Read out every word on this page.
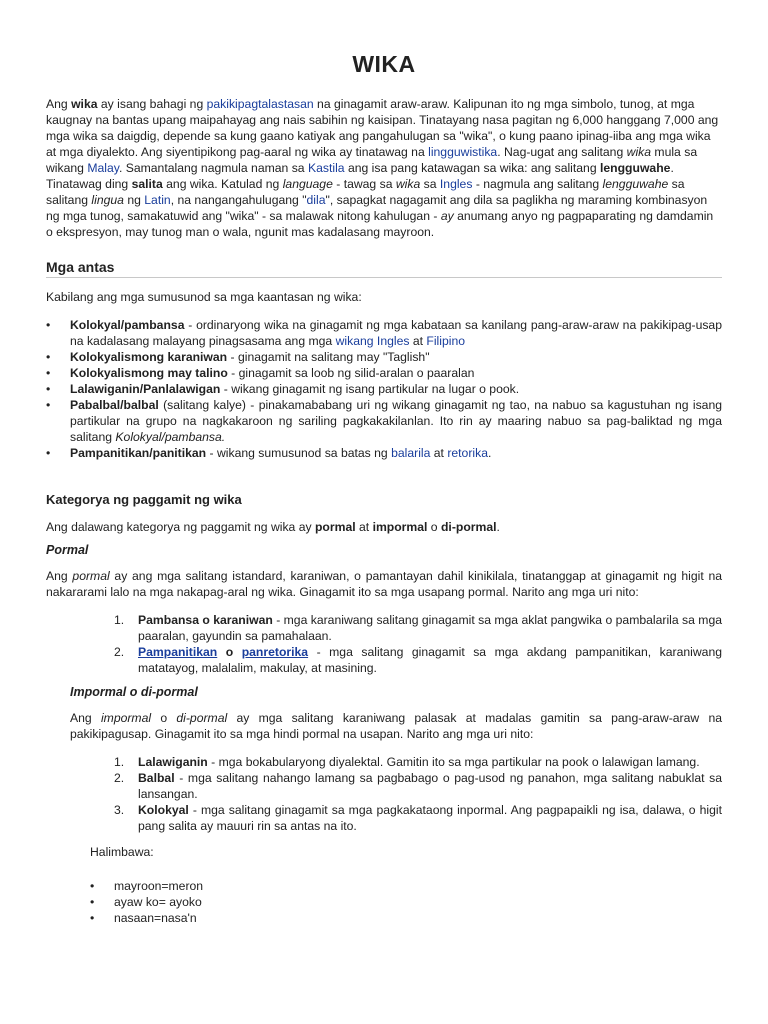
WIKA

Ang wika ay isang bahagi ng pakikipagtalastasan na ginagamit araw-araw. Kalipunan ito ng mga simbolo, tunog, at mga kaugnay na bantas upang maipahayag ang nais sabihin ng kaisipan. Tinatayang nasa pagitan ng 6,000 hanggang 7,000 ang mga wika sa daigdig, depende sa kung gaano katiyak ang pangahulugan sa "wika", o kung paano ipinag-iiba ang mga wika at mga diyalekto. Ang siyentipikong pag-aaral ng wika ay tinatawag na lingguwistika. Nag-ugat ang salitang wika mula sa wikang Malay. Samantalang nagmula naman sa Kastila ang isa pang katawagan sa wika: ang salitang lengguwahe. Tinatawag ding salita ang wika. Katulad ng language - tawag sa wika sa Ingles - nagmula ang salitang lengguwahe sa salitang lingua ng Latin, na nangangahulugang "dila", sapagkat nagagamit ang dila sa paglikha ng maraming kombinasyon ng mga tunog, samakatuwid ang "wika" - sa malawak nitong kahulugan - ay anumang anyo ng pagpaparating ng damdamin o ekspresyon, may tunog man o wala, ngunit mas kadalasang mayroon.

Mga antas

Kabilang ang mga sumusunod sa mga kaantasan ng wika:

• Kolokyal/pambansa - ordinaryong wika na ginagamit ng mga kabataan sa kanilang pang-araw-araw na pakikipag-usap na kadalasang malayang pinagsasama ang mga wikang Ingles at Filipino
• Kolokyalismong karaniwan - ginagamit na salitang may "Taglish"
• Kolokyalismong may talino - ginagamit sa loob ng silid-aralan o paaralan
• Lalawiganin/Panlalawigan - wikang ginagamit ng isang partikular na lugar o pook.
• Pabalbal/balbal (salitang kalye) - pinakamababang uri ng wikang ginagamit ng tao, na nabuo sa kagustuhan ng isang partikular na grupo na nagkakaroon ng sariling pagkakakilanlan. Ito rin ay maaring nabuo sa pag-baliktad ng mga salitang Kolokyal/pambansa.
• Pampanitikan/panitikan - wikang sumusunod sa batas ng balarila at retorika.
Kategorya ng paggamit ng wika

Ang dalawang kategorya ng paggamit ng wika ay pormal at impormal o di-pormal.

Pormal

Ang pormal ay ang mga salitang istandard, karaniwan, o pamantayan dahil kinikilala, tinatanggap at ginagamit ng higit na nakararami lalo na mga nakapag-aral ng wika. Ginagamit ito sa mga usapang pormal. Narito ang mga uri nito:

1. Pambansa o karaniwan - mga karaniwang salitang ginagamit sa mga aklat pangwika o pambalarila sa mga paaralan, gayundin sa pamahalaan.
2. Pampanitikan o panretorika - mga salitang ginagamit sa mga akdang pampanitikan, karaniwang matatayog, malalalim, makulay, at masining.
Impormal o di-pormal

Ang impormal o di-pormal ay mga salitang karaniwang palasak at madalas gamitin sa pang-araw-araw na pakikipagusap. Ginagamit ito sa mga hindi pormal na usapan. Narito ang mga uri nito:

1. Lalawiganin - mga bokabularyong diyalektal. Gamitin ito sa mga partikular na pook o lalawigan lamang.
2. Balbal - mga salitang nahango lamang sa pagbabago o pag-usod ng panahon, mga salitang nabuklat sa lansangan.
3. Kolokyal - mga salitang ginagamit sa mga pagkakataong inpormal. Ang pagpapaikli ng isa, dalawa, o higit pang salita ay mauuri rin sa antas na ito.

Halimbawa:

• mayroon=meron
• ayaw ko= ayoko
• nasaan=nasa'n
